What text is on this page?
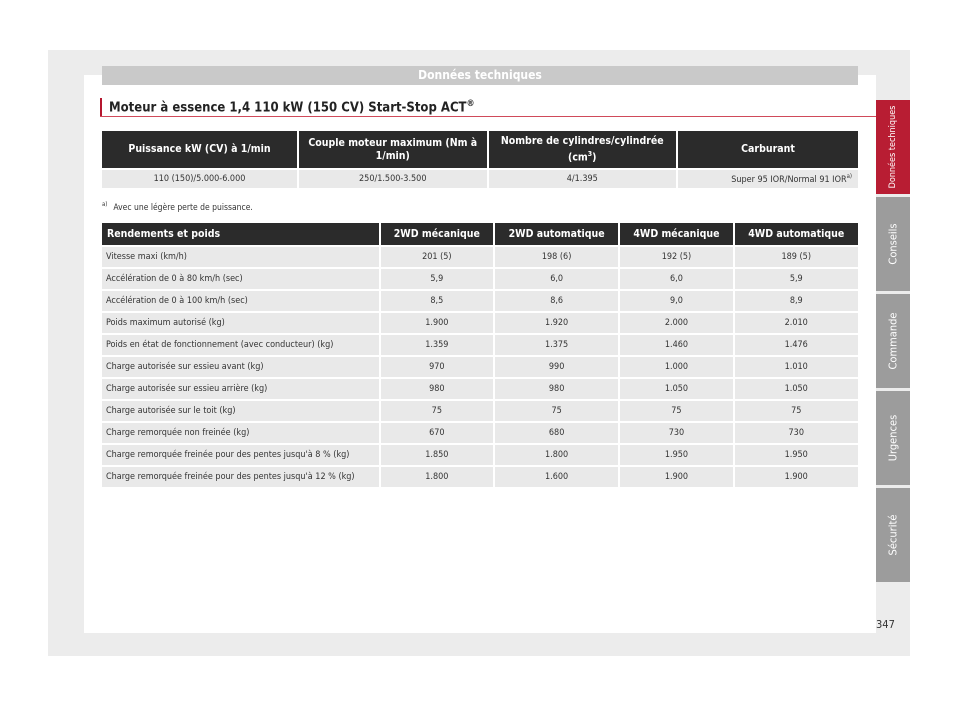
Données techniques
Moteur à essence 1,4 110 kW (150 CV) Start-Stop ACT®
Puissance kW (CV) à 1/min	Couple moteur maximum (Nm à 1/min)	Nombre de cylindres/cylindrée $(cm^3)$	Carburant
110 (150)/5.000-6.000	250/1.500-3.500	4/1.395	Super 95 IOR/Normal 91 IOR$^{a)}$
$^{a)}$ Avec une légère perte de puissance.
Rendements et poids	2WD mécanique	2WD automatique	4WD mécanique	4WD automatique
Vitesse maxi (km/h)	201 (5)	198 (6)	192 (5)	189 (5)
Accélération de 0 à 80 km/h (sec)	5,9	6,0	6,0	5,9
Accélération de 0 à 100 km/h (sec)	8,5	8,6	9,0	8,9
Poids maximum autorisé (kg)	1.900	1.920	2.000	2.010
Poids en état de fonctionnement (avec conducteur) (kg)	1.359	1.375	1.460	1.476
Charge autorisée sur essieu avant (kg)	970	990	1.000	1.010
Charge autorisée sur essieu arrière (kg)	980	980	1.050	1.050
Charge autorisée sur le toit (kg)	75	75	75	75
Charge remorquée non freinée (kg)	670	680	730	730
Charge remorquée freinée pour des pentes jusqu'à 8 % (kg)	1.850	1.800	1.950	1.950
Charge remorquée freinée pour des pentes jusqu'à 12 % (kg)	1.800	1.600	1.900	1.900
Données techniques
Conseils
Commande
Urgences
Sécurité
347
